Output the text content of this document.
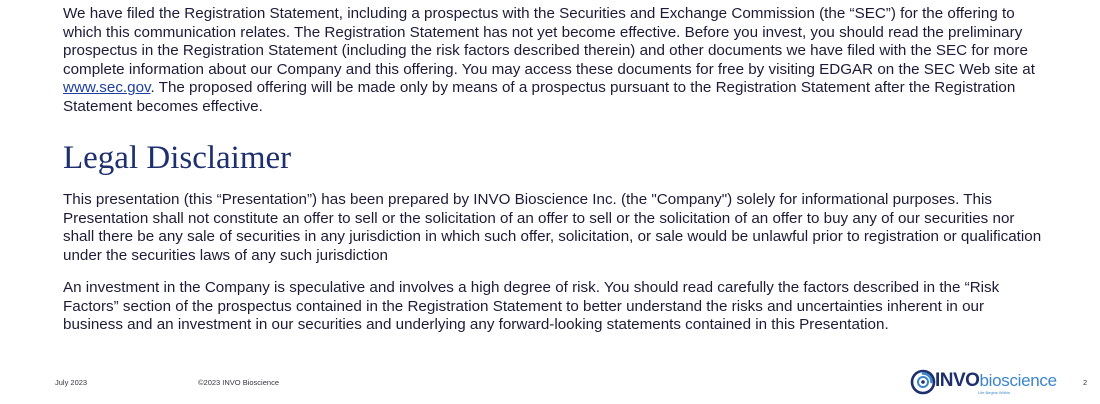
We have filed the Registration Statement, including a prospectus with the Securities and Exchange Commission (the “SEC”) for the offering to which this communication relates. The Registration Statement has not yet become effective. Before you invest, you should read the preliminary prospectus in the Registration Statement (including the risk factors described therein) and other documents we have filed with the SEC for more complete information about our Company and this offering. You may access these documents for free by visiting EDGAR on the SEC Web site at www.sec.gov. The proposed offering will be made only by means of a prospectus pursuant to the Registration Statement after the Registration Statement becomes effective.

Legal Disclaimer

This presentation (this “Presentation”) has been prepared by INVO Bioscience Inc. (the "Company") solely for informational purposes. This Presentation shall not constitute an offer to sell or the solicitation of an offer to sell or the solicitation of an offer to buy any of our securities nor shall there be any sale of securities in any jurisdiction in which such offer, solicitation, or sale would be unlawful prior to registration or qualification under the securities laws of any such jurisdiction

An investment in the Company is speculative and involves a high degree of risk. You should read carefully the factors described in the “Risk Factors” section of the prospectus contained in the Registration Statement to better understand the risks and uncertainties inherent in our business and an investment in our securities and underlying any forward-looking statements contained in this Presentation.

July 2023	©2023 INVO Bioscience	INVObioscience
Life Begins Within
2
